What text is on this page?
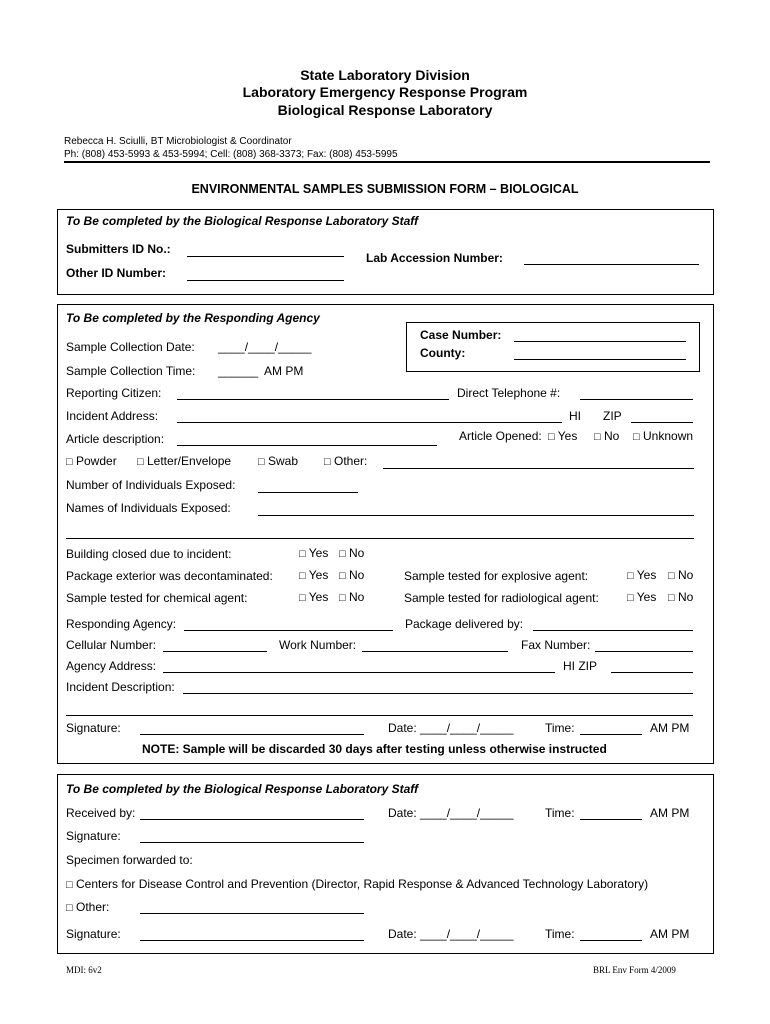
State Laboratory Division
Laboratory Emergency Response Program
Biological Response Laboratory
Rebecca H. Sciulli, BT Microbiologist & Coordinator
Ph: (808) 453-5993 & 453-5994; Cell: (808) 368-3373; Fax: (808) 453-5995
ENVIRONMENTAL SAMPLES SUBMISSION FORM – BIOLOGICAL
To Be completed by the Biological Response Laboratory Staff
Submitters ID No.:
Other ID Number:
Lab Accession Number:
To Be completed by the Responding Agency
Case Number:
County:
Sample Collection Date: ____/____/_____
Sample Collection Time: ______ AM PM
Reporting Citizen:	Direct Telephone #:
Incident Address:	HI ZIP
Article description:	Article Opened: □ Yes □ No □ Unknown
□ Powder □ Letter/Envelope □ Swab □ Other:
Number of Individuals Exposed:
Names of Individuals Exposed:
Building closed due to incident:	□ Yes □ No
Package exterior was decontaminated: □ Yes □ No	Sample tested for explosive agent:	□ Yes □ No
Sample tested for chemical agent:	□ Yes □ No	Sample tested for radiological agent:	□ Yes □ No
Responding Agency:	Package delivered by:
Cellular Number:	Work Number:	Fax Number:
Agency Address:	HI ZIP
Incident Description:
Signature:	Date: ____/____/_____	Time:	AM PM
NOTE: Sample will be discarded 30 days after testing unless otherwise instructed
To Be completed by the Biological Response Laboratory Staff
Received by:	Date: ____/____/_____	Time:	AM PM
Signature:
Specimen forwarded to:
□ Centers for Disease Control and Prevention (Director, Rapid Response & Advanced Technology Laboratory)
□ Other:
Signature:	Date: ____/____/_____	Time:	AM PM
MDI: 6v2	BRL Env Form 4/2009
